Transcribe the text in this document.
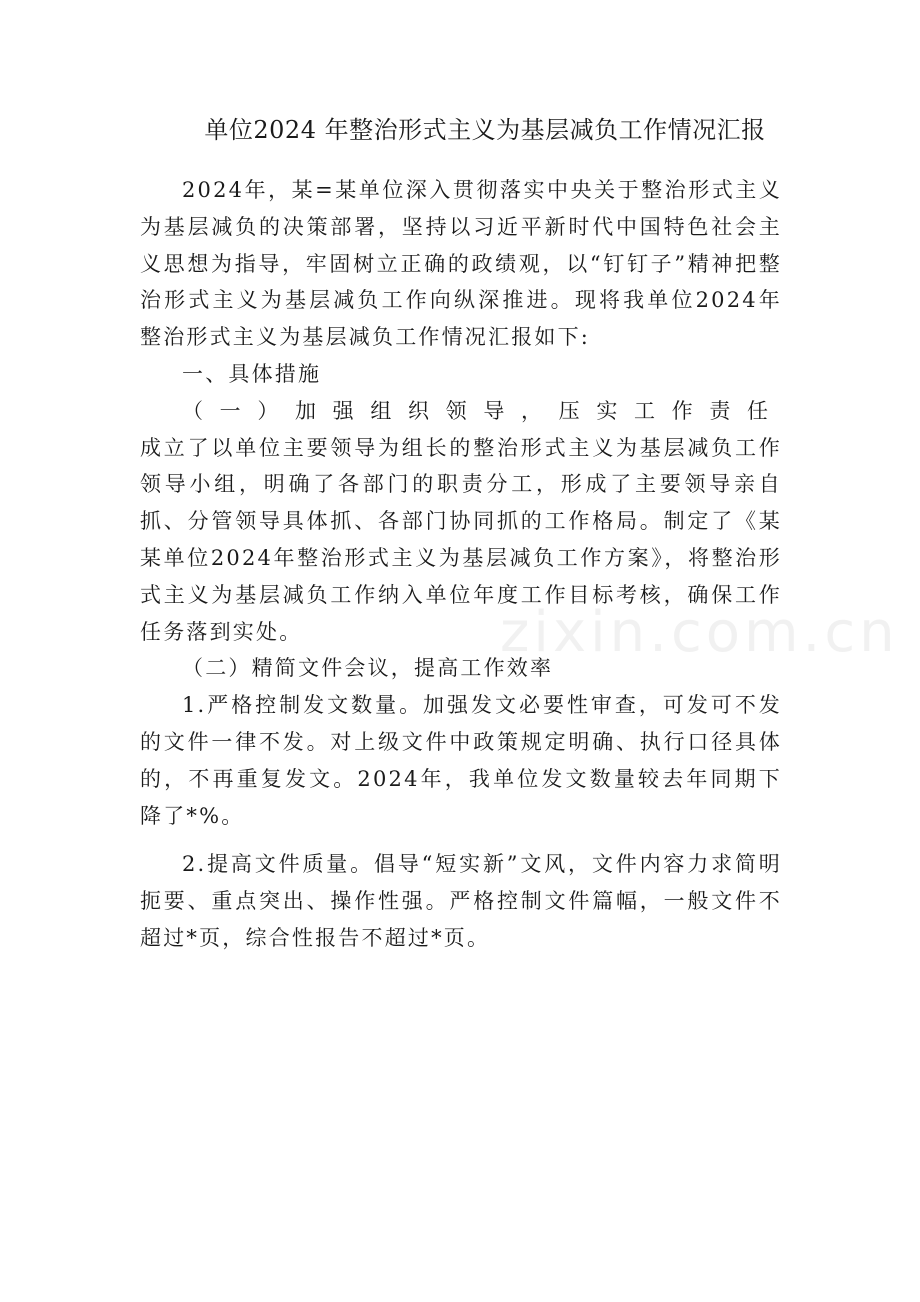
单位2024 年整治形式主义为基层减负工作情况汇报

2024年，某=某单位深入贯彻落实中央关于整治形式主义为基层减负的决策部署，坚持以习近平新时代中国特色社会主义思想为指导，牢固树立正确的政绩观，以“钉钉子”精神把整治形式主义为基层减负工作向纵深推进。现将我单位2024年整治形式主义为基层减负工作情况汇报如下:

一、具体措施

（一）加强组织领导，压实工作责任

成立了以单位主要领导为组长的整治形式主义为基层减负工作领导小组，明确了各部门的职责分工，形成了主要领导亲自抓、分管领导具体抓、各部门协同抓的工作格局。制定了《某某单位2024年整治形式主义为基层减负工作方案》，将整治形式主义为基层减负工作纳入单位年度工作目标考核，确保工作任务落到实处。

（二）精简文件会议，提高工作效率

1.严格控制发文数量。加强发文必要性审查，可发可不发的文件一律不发。对上级文件中政策规定明确、执行口径具体的，不再重复发文。2024年，我单位发文数量较去年同期下降了*%。

2.提高文件质量。倡导“短实新”文风，文件内容力求简明扼要、重点突出、操作性强。严格控制文件篇幅，一般文件不超过*页，综合性报告不超过*页。

zixin.com.cn
